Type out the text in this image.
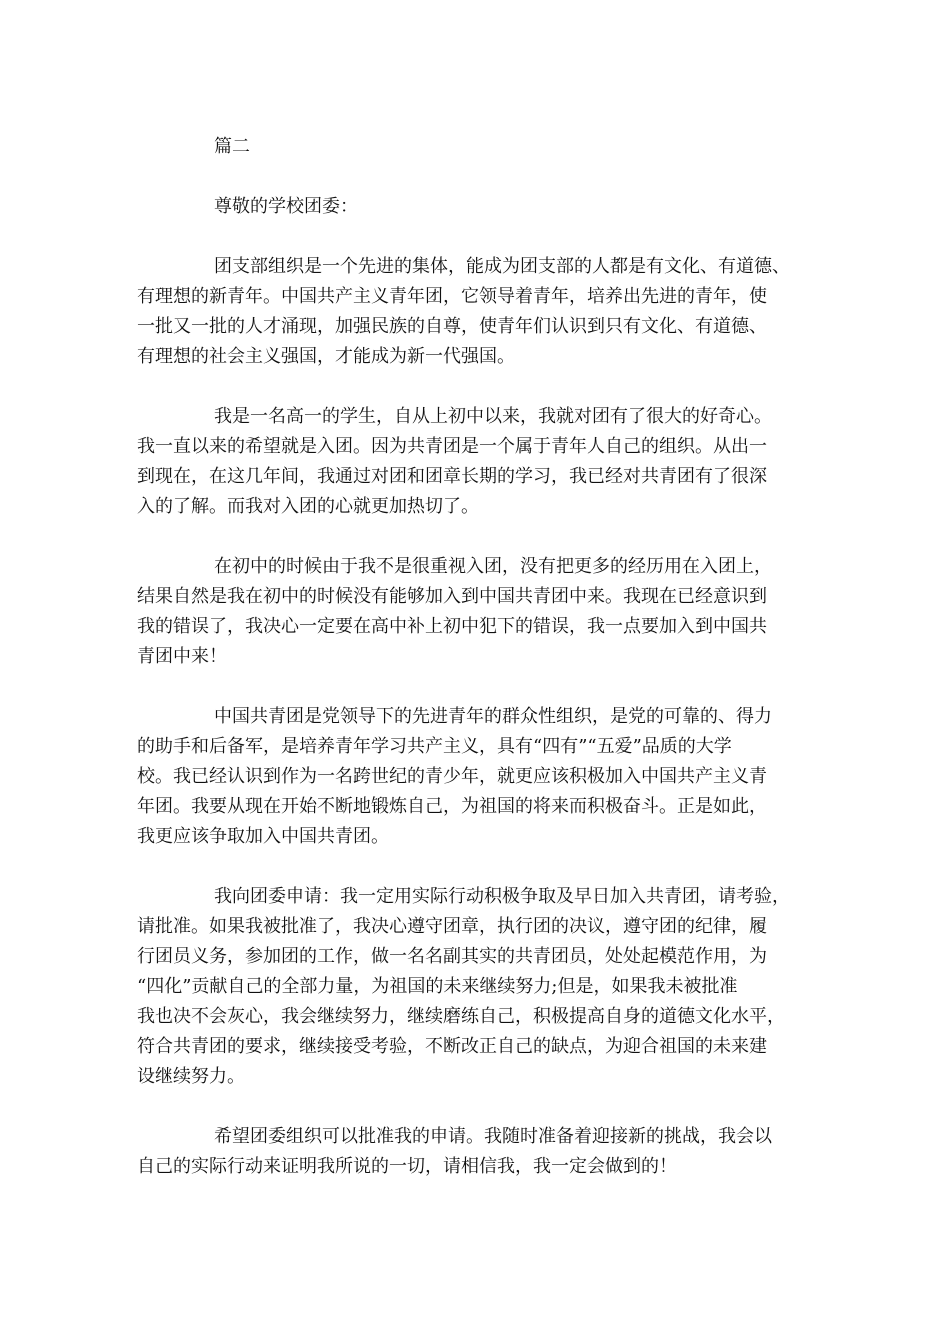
篇二
尊敬的学校团委：
团支部组织是一个先进的集体，能成为团支部的人都是有文化、有道德、
有理想的新青年。中国共产主义青年团，它领导着青年，培养出先进的青年，使
一批又一批的人才涌现，加强民族的自尊，使青年们认识到只有文化、有道德、
有理想的社会主义强国，才能成为新一代强国。
我是一名高一的学生，自从上初中以来，我就对团有了很大的好奇心。
我一直以来的希望就是入团。因为共青团是一个属于青年人自己的组织。从出一
到现在，在这几年间，我通过对团和团章长期的学习，我已经对共青团有了很深
入的了解。而我对入团的心就更加热切了。
在初中的时候由于我不是很重视入团，没有把更多的经历用在入团上，
结果自然是我在初中的时候没有能够加入到中国共青团中来。我现在已经意识到
我的错误了，我决心一定要在高中补上初中犯下的错误，我一点要加入到中国共
青团中来！
中国共青团是党领导下的先进青年的群众性组织，是党的可靠的、得力
的助手和后备军，是培养青年学习共产主义，具有“四有”“五爱”品质的大学
校。我已经认识到作为一名跨世纪的青少年，就更应该积极加入中国共产主义青
年团。我要从现在开始不断地锻炼自己，为祖国的将来而积极奋斗。正是如此，
我更应该争取加入中国共青团。
我向团委申请：我一定用实际行动积极争取及早日加入共青团，请考验，
请批准。如果我被批准了，我决心遵守团章，执行团的决议，遵守团的纪律，履
行团员义务，参加团的工作，做一名名副其实的共青团员，处处起模范作用，为
“四化”贡献自己的全部力量，为祖国的未来继续努力;但是，如果我未被批准
我也决不会灰心，我会继续努力，继续磨练自己，积极提高自身的道德文化水平，
符合共青团的要求，继续接受考验，不断改正自己的缺点，为迎合祖国的未来建
设继续努力。
希望团委组织可以批准我的申请。我随时准备着迎接新的挑战，我会以
自己的实际行动来证明我所说的一切，请相信我，我一定会做到的！
